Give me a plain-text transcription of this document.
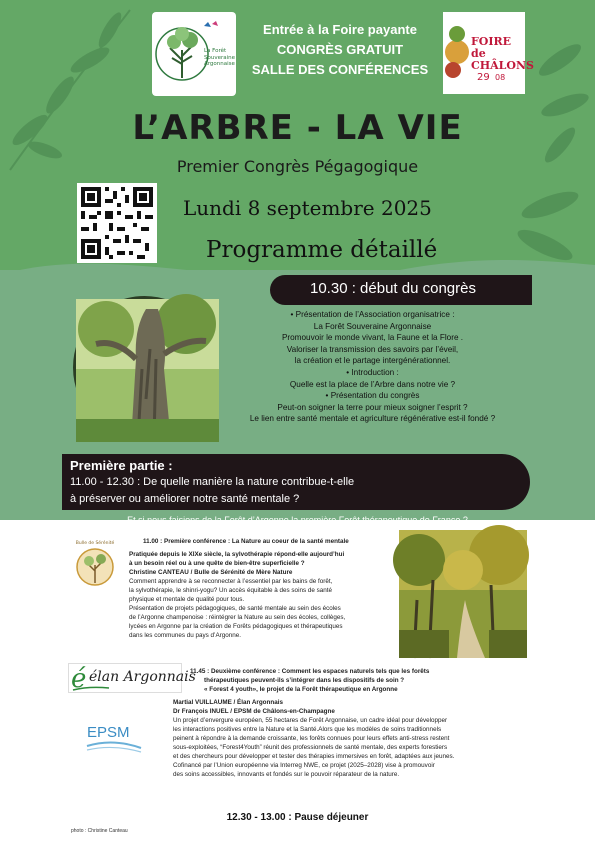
La Forêt Souveraine Argonnaise
Entrée à la Foire payante
CONGRÈS GRATUIT
SALLE DES CONFÉRENCES
29 08
FOIRE de CHÂLONS
L’ARBRE - LA VIE
Premier Congrès Pégagogique
Lundi 8 septembre 2025
Programme détaillé
10.30 : début du congrès
• Présentation de l’Association organisatrice :
La Forêt Souveraine Argonnaise
Promouvoir le monde vivant, la Faune et la Flore .
Valoriser la transmission des savoirs par l’éveil,
la création et le partage intergénérationnel.
• Introduction :
Quelle est la place de l’Arbre dans notre vie ?
• Présentation du congrès
Peut-on soigner la terre pour mieux soigner l’esprit ?
Le lien entre santé mentale et agriculture régénérative est-il fondé ?
Première partie :
11.00 - 12.30 : De quelle manière la nature contribue-t-elle
à préserver ou améliorer notre santé mentale ?
Et si nous faisions de la Forêt d’Argonne,la première Forêt thérapeutique de France ?
Bulle de Sérénité	11.00 : Première conférence : La Nature au coeur de la santé mentale
Pratiquée depuis le XIXe siècle, la sylvothérapie répond-elle aujourd’hui
à un besoin réel ou à une quête de bien-être superficielle ?
Christine CANTEAU / Bulle de Sérénité de Mère Nature
Comment apprendre à se reconnecter à l’essentiel par les bains de forêt,
la sylvothérapie, le shinri-yogu? Un accès équitable à des soins de santé
physique et mentale de qualité pour tous.
Présentation de projets pédagogiques, de santé mentale au sein des écoles
de l’Argonne champenoise : réintégrer la Nature au sein des écoles, collèges,
lycées en Argonne par la création de Forêts pédagogiques et thérapeutiques
dans les communes du pays d’Argonne.
é élan Argonnais
11.45 : Deuxième conférence : Comment les espaces naturels tels que les forêts
thérapeutiques peuvent-ils s’intégrer dans les dispositifs de soin ?
« Forest 4 youth», le projet de la Forêt thérapeutique en Argonne
Martial VUILLAUME / Élan Argonnais
Dr François INUEL / EPSM de Châlons-en-Champagne
Un projet d’envergure européen, 55 hectares de Forêt Argonnaise, un cadre idéal pour développer
les interactions positives entre la Nature et la Santé.Alors que les modèles de soins traditionnels
peinent à répondre à la demande croissante, les forêts connues pour leurs effets anti-stress restent
sous-exploitées, “Forest4Youth” réunit des professionnels de santé mentale, des experts forestiers
et des chercheurs pour développer et tester des thérapies immersives en forêt, adaptées aux jeunes.
Cofinancé par l’Union européenne via Interreg NWE, ce projet (2025–2028) vise à promouvoir
des soins accessibles, innovants et fondés sur le pouvoir réparateur de la nature.
EPSM
12.30 - 13.00 : Pause déjeuner
photo : Christine Canteau
